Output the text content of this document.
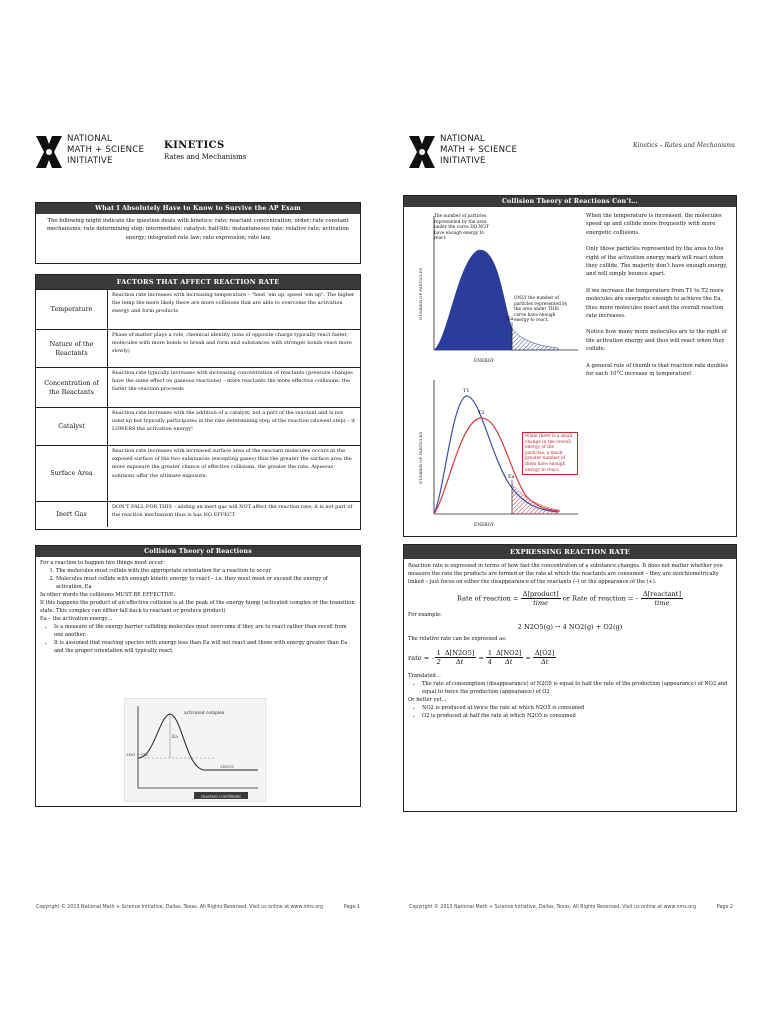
NATIONAL
MATH + SCIENCE
INITIATIVE
KINETICS
Rates and Mechanisms
What I Absolutely Have to Know to Survive the AP Exam
The following might indicate the question deals with kinetics: rate; reactant concentration; order; rate constant mechanisms; rate determining step; intermediate; catalyst; half-life; instantaneous rate; relative rate; activation energy; integrated rate law; rate expression; rate law
FACTORS THAT AFFECT REACTION RATE
Temperature
Reaction rate increases with increasing temperature – "heat ‘em up, speed ‘em up". The higher the temp the more likely there are more collisions that are able to overcome the activation energy and form products
Nature of the Reactants
Phase of matter plays a role, chemical identity (ions of opposite charge typically react faster, molecules with more bonds to break and form and substances with stronger bonds react more slowly)
Concentration of the Reactants
Reaction rate typically increases with increasing concentration of reactants (pressure changes have the same effect on gaseous reactions) – more reactants the more effective collisions, the faster the reaction proceeds
Catalyst
Reaction rate increases with the addition of a catalyst; not a part of the reactant and is not used up but typically participates in the rate determining step of the reaction (slowest step) – it LOWERS the activation energy!
Surface Area
Reaction rate increases with increased surface area of the reactant molecules occurs at the exposed surface of the two substances (excepting gases) thus the greater the surface area the more exposure the greater chance of effective collisions, the greater the rate. Aqueous solutions offer the ultimate exposure.
Inert Gas
DON’T FALL FOR THIS – adding an inert gas will NOT affect the reaction rate; it is not part of the reaction mechanism thus is has NO EFFECT
Collision Theory of Reactions
For a reaction to happen two things must occur:
1. The molecules must collide with the appropriate orientation for a reaction to occur
2. Molecules must collide with enough kinetic energy to react – i.e. they must meet or exceed the energy of activation, Ea
In other words the collisions MUST BE EFFECTIVE.
If this happens the product of an effective collision is at the peak of the energy hump (activated complex or the transition state. This complex can either fall back to reactant or produce product)
Ea – the activation energy…
• Is a measure of the energy barrier colliding molecules must overcome if they are to react rather than recoil from one another.
• It is assumed that reacting species with energy less than Ea will not react and those with energy greater than Ea and the proper orientation will typically react.
activated complex
Ea
2NO + Cl2
2NOCl
reaction coordinate
Copyright © 2013 National Math + Science Initiative, Dallas, Texas. All Rights Reserved. Visit us online at www.nms.org	Page 1
NATIONAL
MATH + SCIENCE
INITIATIVE
Kinetics – Rates and Mechanisms
Collision Theory of Reactions Con’t…
Ea
ENERGY
NUMBER OF PARTICLES
The number of particles represented by the area under the curve DO NOT have enough energy to react.
ONLY the number of particles represented by the area under THIS curve have enough energy to react.
T1
T2
Ea
ENERGY
NUMBER OF PARTICLES	While there is a small change in the overall energy of the particles, a much greater number of them have enough energy to react.

When the temperature is increased, the molecules speed up and collide more frequently with more energetic collisions.

Only those particles represented by the area to the right of the activation energy mark will react when they collide. The majority don’t have enough energy, and will simply bounce apart.

If we increase the temperature from T1 to T2 more molecules are energetic enough to achieve the Ea, thus more molecules react and the overall reaction rate increases.

Notice how many more molecules are to the right of the activation energy and thus will react when they collide.

A general rule of thumb is that reaction rate doubles for each 10°C increase in temperature!

EXPRESSING REACTION RATE
Reaction rate is expressed in terms of how fast the concentration of a substance changes. It does not matter whether you measure the rate the products are formed or the rate at which the reactants are consumed – they are stoichiometrically linked – just focus on either the disappearance of the reactants (–) or the appearance of the (+).
Rate of reaction = $\frac{\text{Δ[product]}}{\text{time}}$ or Rate of reaction = – $\frac{\text{Δ[reactant]}}{\text{time}}$
For example:
2 N2O5(g) → 4 NO2(g) + O2(g)
The relative rate can be expressed as:
rate = – $\frac{1}{2} \frac{\Delta[N2O5]}{\Delta t} = \frac{1}{4} \frac{\Delta[NO2]}{\Delta t} = \frac{\Delta[O2]}{\Delta t}$
Translated…
• The rate of consumption (disappearance) of N2O5 is equal to half the rate of the production (appearance) of NO2 and equal to twice the production (appearance) of O2
Or better yet…
• NO2 is produced at twice the rate at which N2O5 is consumed
• O2 is produced at half the rate at which N2O5 is consumed
Copyright © 2013 National Math + Science Initiative, Dallas, Texas. All Rights Reserved. Visit us online at www.nms.org	Page 2
